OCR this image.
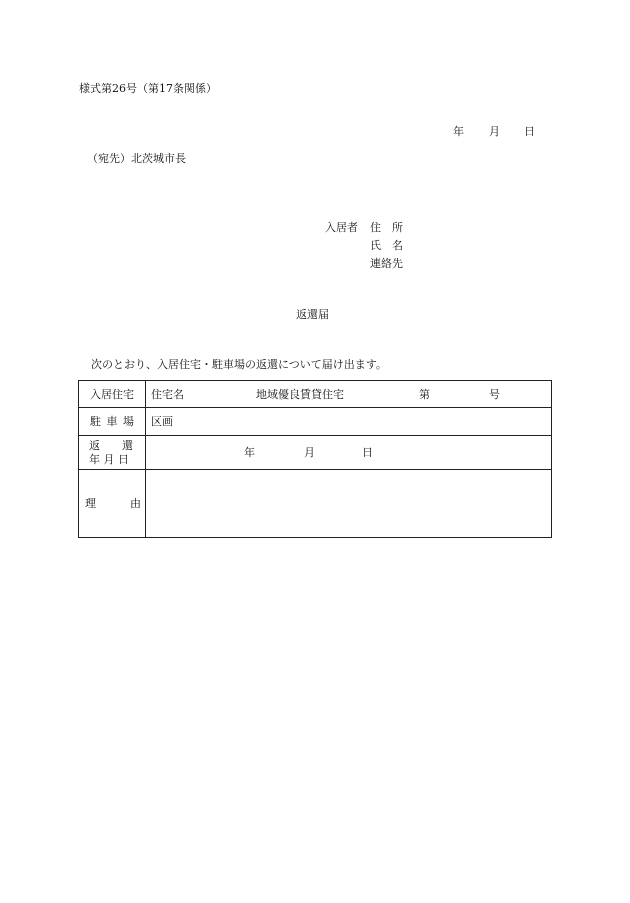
様式第26号（第17条関係）
年 月 日
（宛先）北茨城市長
入居者 住　所
氏　名
連絡先
返還届
次のとおり、入居住宅・駐車場の返還について届け出ます。
入居住宅	住宅名 地域優良賃貸住宅 第 号

駐 車 場	区画

返　　還
年 月 日	年 月 日

理 由	
